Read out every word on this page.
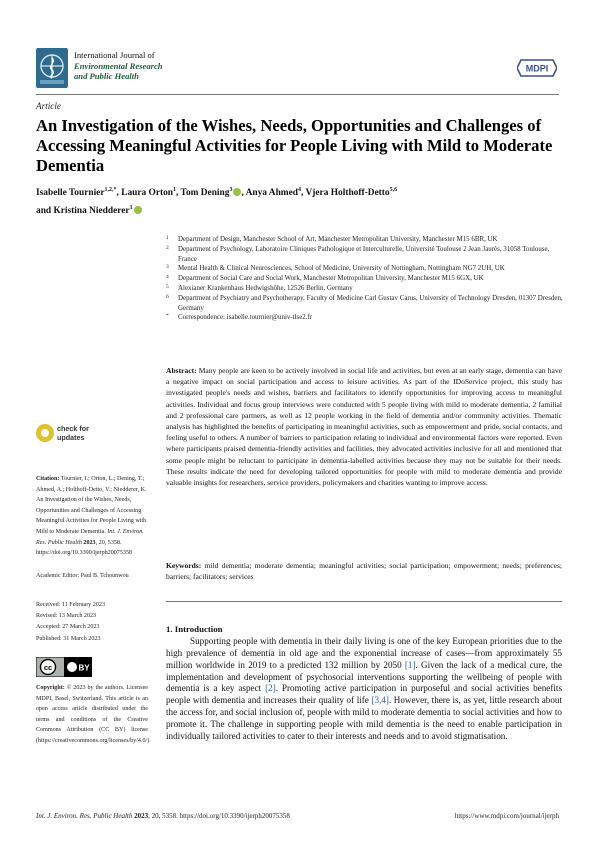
International Journal of
Environmental Research
and Public Health
MDPI
Article
An Investigation of the Wishes, Needs, Opportunities and Challenges of Accessing Meaningful Activities for People Living with Mild to Moderate Dementia
Isabelle Tournier$^{1,2,*}$, Laura Orton$^1$, Tom Dening$^3$ , Anya Ahmed$^4$, Vjera Holthoff-Detto$^{5,6}$
and Kristina Niedderer$^1$
1 Department of Design, Manchester School of Art, Manchester Metropolitan University, Manchester M15 6BR, UK
2 Department of Psychology, Laboratoire Cliniques Pathologique et Interculturelle, Université Toulouse 2 Jean Jaurès, 31058 Toulouse, France
3 Mental Health & Clinical Neurosciences, School of Medicine, University of Nottingham, Nottingham NG7 2UH, UK
4 Department of Social Care and Social Work, Manchester Metropolitan University, Manchester M15 6GX, UK
5 Alexianer Krankenhaus Hedwigshöhe, 12526 Berlin, Germany
6 Department of Psychiatry and Psychotherapy, Faculty of Medicine Carl Gustav Carus, University of Technology Dresden, 01307 Dresden, Germany
* Correspondence: isabelle.tournier@univ-tlse2.fr
Abstract: Many people are keen to be actively involved in social life and activities, but even at an early stage, dementia can have a negative impact on social participation and access to leisure activities. As part of the IDoService project, this study has investigated people's needs and wishes, barriers and facilitators to identify opportunities for improving access to meaningful activities. Individual and focus group interviews were conducted with 5 people living with mild to moderate dementia, 2 familial and 2 professional care partners, as well as 12 people working in the field of dementia and/or community activities. Thematic analysis has highlighted the benefits of participating in meaningful activities, such as empowerment and pride, social contacts, and feeling useful to others. A number of barriers to participation relating to individual and environmental factors were reported. Even where participants praised dementia-friendly activities and facilities, they advocated activities inclusive for all and mentioned that some people might be reluctant to participate in dementia-labelled activities because they may not be suitable for their needs. These results indicate the need for developing tailored opportunities for people with mild to moderate dementia and provide valuable insights for researchers, service providers, policymakers and charities wanting to improve access.
Keywords: mild dementia; moderate dementia; meaningful activities; social participation; empowerment; needs; preferences; barriers; facilitators; services
1. Introduction

Supporting people with dementia in their daily living is one of the key European priorities due to the high prevalence of dementia in old age and the exponential increase of cases—from approximately 55 million worldwide in 2019 to a predicted 132 million by 2050 [1]. Given the lack of a medical cure, the implementation and development of psychosocial interventions supporting the wellbeing of people with dementia is a key aspect [2]. Promoting active participation in purposeful and social activities benefits people with dementia and increases their quality of life [3,4]. However, there is, as yet, little research about the access for, and social inclusion of, people with mild to moderate dementia to social activities and how to promote it. The challenge in supporting people with mild dementia is the need to enable participation in individually tailored activities to cater to their interests and needs and to avoid stigmatisation.

check for
updates
Citation: Tournier, I.; Orton, L.; Dening, T.; Ahmed, A.; Holthoff-Detto, V.; Niedderer, K. An Investigation of the Wishes, Needs, Opportunities and Challenges of Accessing Meaningful Activities for People Living with Mild to Moderate Dementia. Int. J. Environ. Res. Public Health 2023, 20, 5358. https://doi.org/10.3390/ijerph20075358
Academic Editor: Paul B. Tchounwou
Received: 11 February 2023
Revised: 13 March 2023
Accepted: 27 March 2023
Published: 31 March 2023
cc	BY
Copyright: © 2023 by the authors. Licensee MDPI, Basel, Switzerland. This article is an open access article distributed under the terms and conditions of the Creative Commons Attribution (CC BY) license (https://creativecommons.org/licenses/by/4.0/).
Int. J. Environ. Res. Public Health 2023, 20, 5358. https://doi.org/10.3390/ijerph20075358	https://www.mdpi.com/journal/ijerph
